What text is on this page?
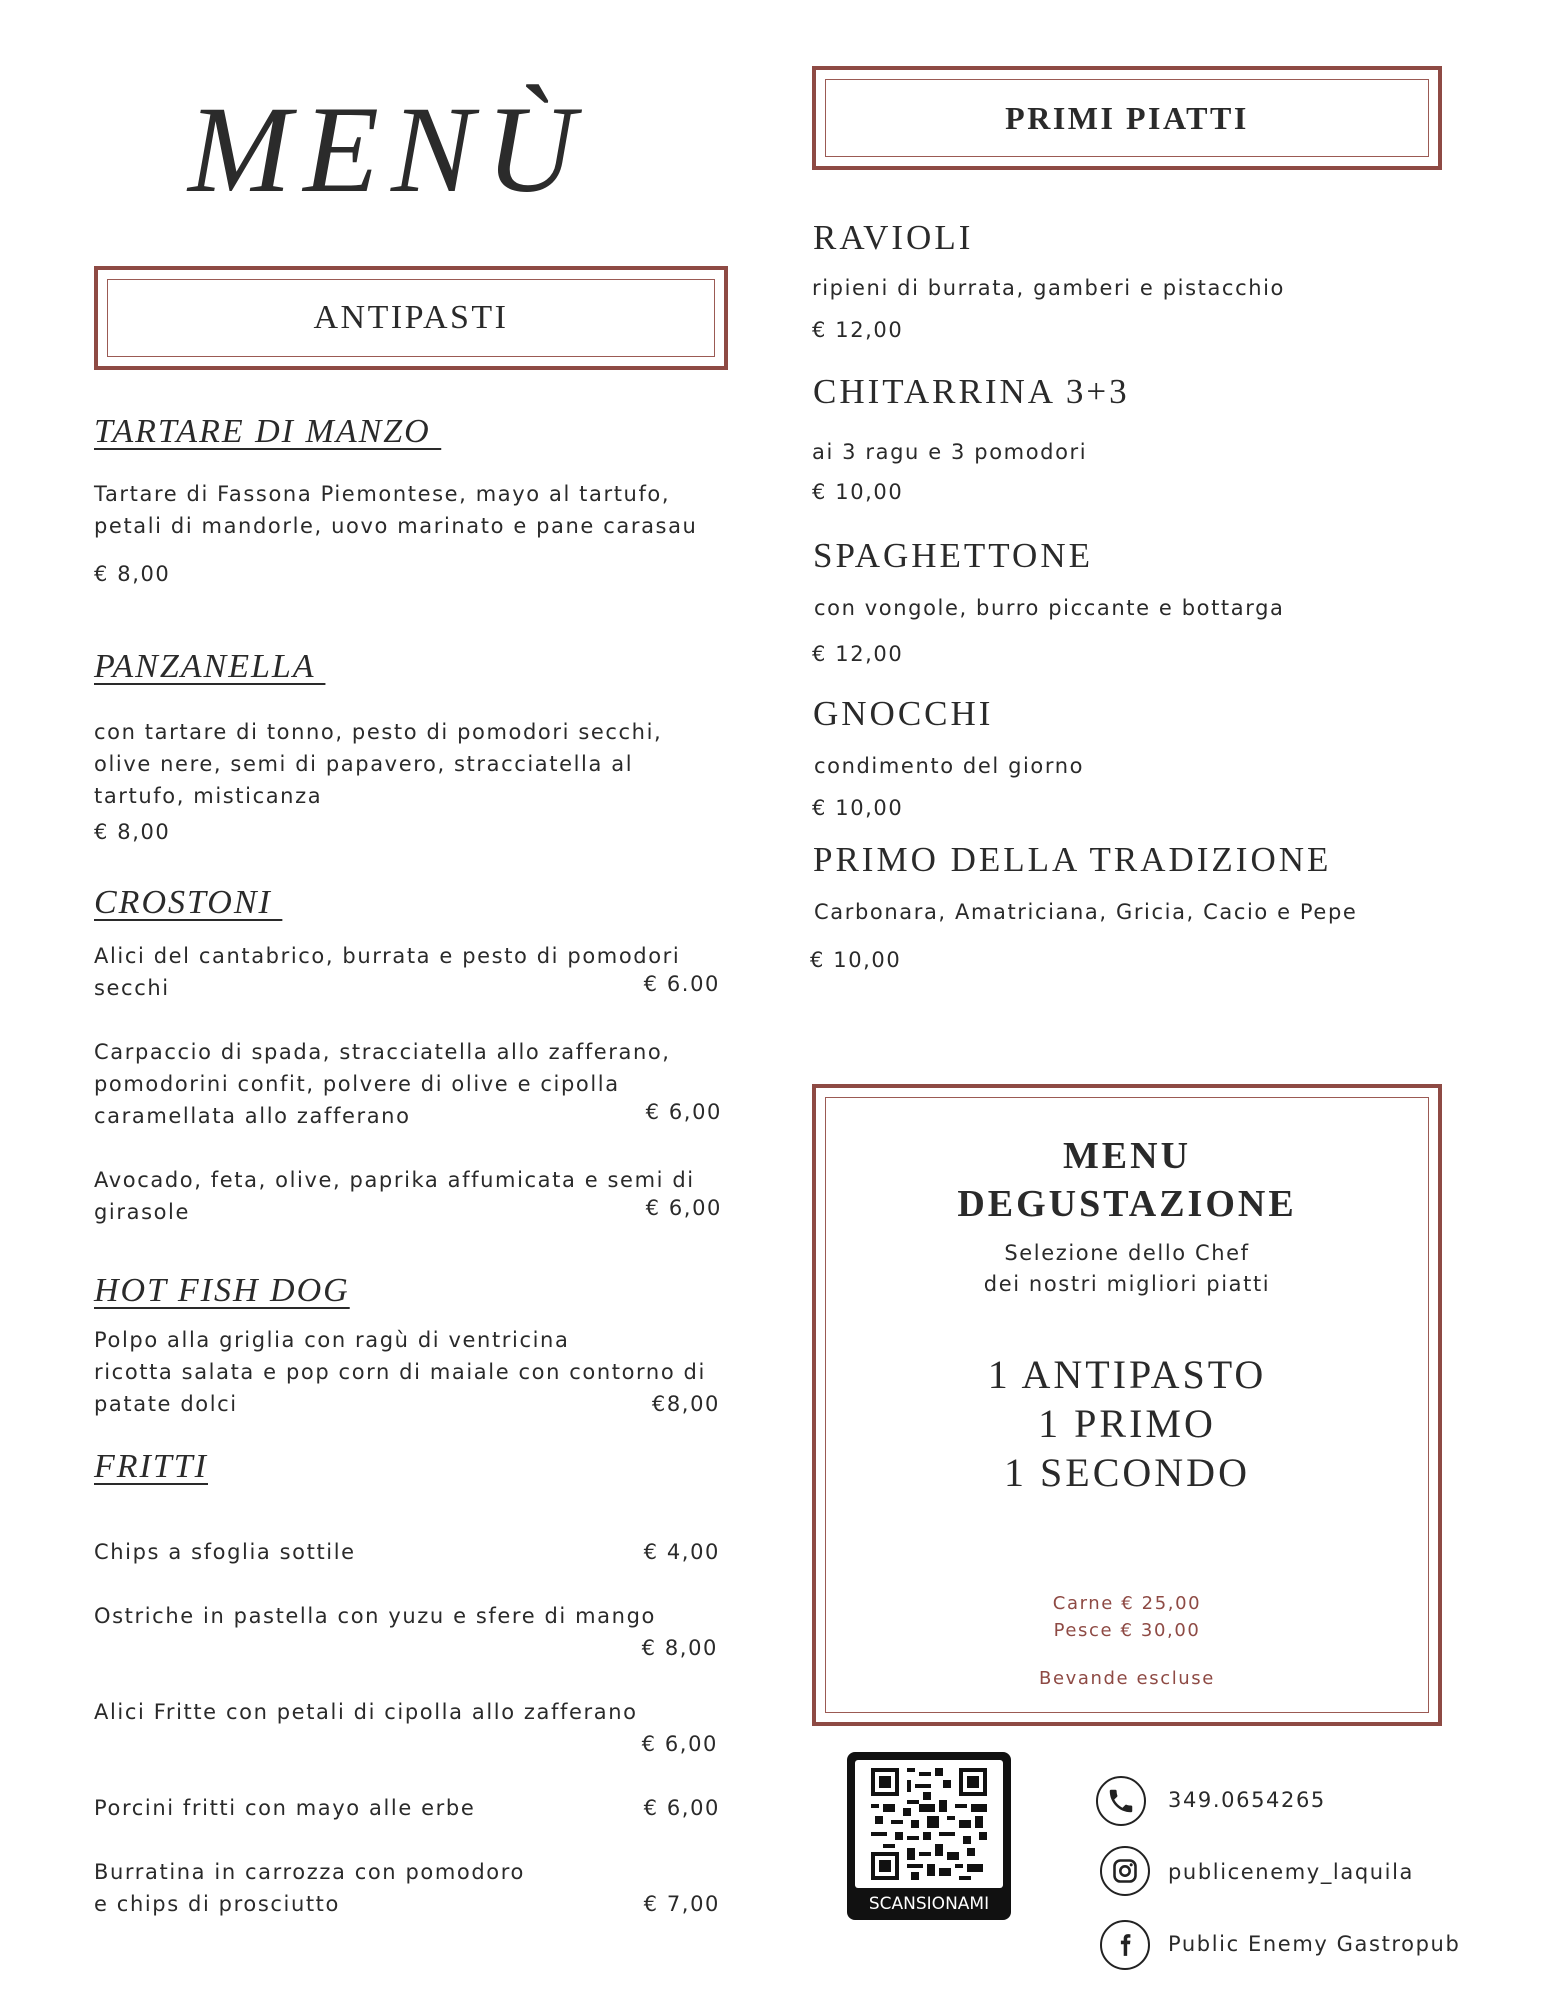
MENÙ
ANTIPASTI
TARTARE DI MANZO
Tartare di Fassona Piemontese, mayo al tartufo,
petali di mandorle, uovo marinato e pane carasau
€ 8,00
PANZANELLA
con tartare di tonno, pesto di pomodori secchi,
olive nere, semi di papavero, stracciatella al
tartufo, misticanza
€ 8,00
CROSTONI
Alici del cantabrico, burrata e pesto di pomodori
secchi	€ 6.00
Carpaccio di spada, stracciatella allo zafferano,
pomodorini confit, polvere di olive e cipolla
caramellata allo zafferano	€ 6,00
Avocado, feta, olive, paprika affumicata e semi di
girasole	€ 6,00
HOT FISH DOG
Polpo alla griglia con ragù di ventricina
ricotta salata e pop corn di maiale con contorno di
patate dolci	€8,00
FRITTI
Chips a sfoglia sottile	€ 4,00
Ostriche in pastella con yuzu e sfere di mango
€ 8,00
Alici Fritte con petali di cipolla allo zafferano
€ 6,00
Porcini fritti con mayo alle erbe	€ 6,00
Burratina in carrozza con pomodoro
e chips di prosciutto	€ 7,00
PRIMI PIATTI
RAVIOLI
ripieni di burrata, gamberi e pistacchio
€ 12,00
CHITARRINA 3+3
ai 3 ragu e 3 pomodori
€ 10,00
SPAGHETTONE
con vongole, burro piccante e bottarga
€ 12,00
GNOCCHI
condimento del giorno
€ 10,00
PRIMO DELLA TRADIZIONE
Carbonara, Amatriciana, Gricia, Cacio e Pepe
€ 10,00
MENU
DEGUSTAZIONE
Selezione dello Chef
dei nostri migliori piatti
1 ANTIPASTO
1 PRIMO
1 SECONDO
Carne € 25,00
Pesce € 30,00
Bevande escluse
SCANSIONAMI
349.0654265
publicenemy_laquila
Public Enemy Gastropub
